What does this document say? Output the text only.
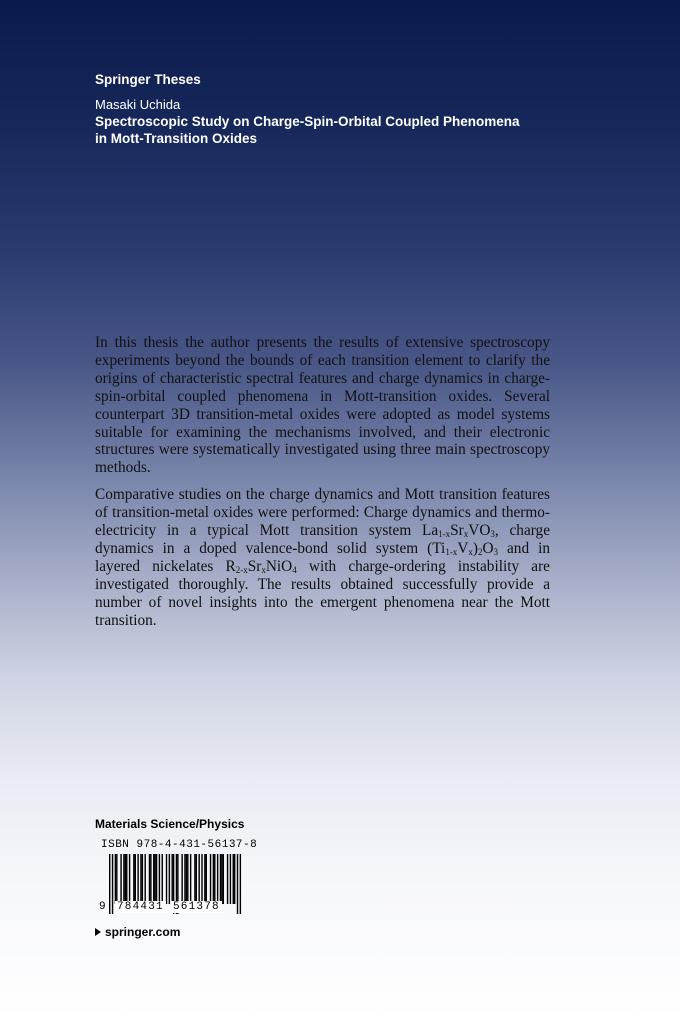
Springer Theses
Masaki Uchida
Spectroscopic Study on Charge-Spin-Orbital Coupled Phenomena
in Mott-Transition Oxides

In this thesis the author presents the results of extensive spectroscopy experiments beyond the bounds of each transition element to clarify the origins of characteristic spectral features and charge dynamics in charge-spin-orbital coupled phenomena in Mott-transition oxides. Several counterpart 3D transition-metal oxides were adopted as model systems suitable for examining the mechanisms involved, and their electronic structures were systematically investigated using three main spectroscopy methods.

Comparative studies on the charge dynamics and Mott transition features of transition-metal oxides were performed: Charge dynamics and thermo-electricity in a typical Mott transition system $La_{1-x}Sr_xVO_3$, charge dynamics in a doped valence-bond solid system $(Ti_{1-x}V_x)_2O_3$ and in layered nickelates $R_{2-x}Sr_xNiO_4$ with charge-ordering instability are investigated thoroughly. The results obtained successfully provide a number of novel insights into the emergent phenomena near the Mott transition.

Materials Science/Physics
ISBN 978-4-431-56137-8
9 784431 561378
springer.com
